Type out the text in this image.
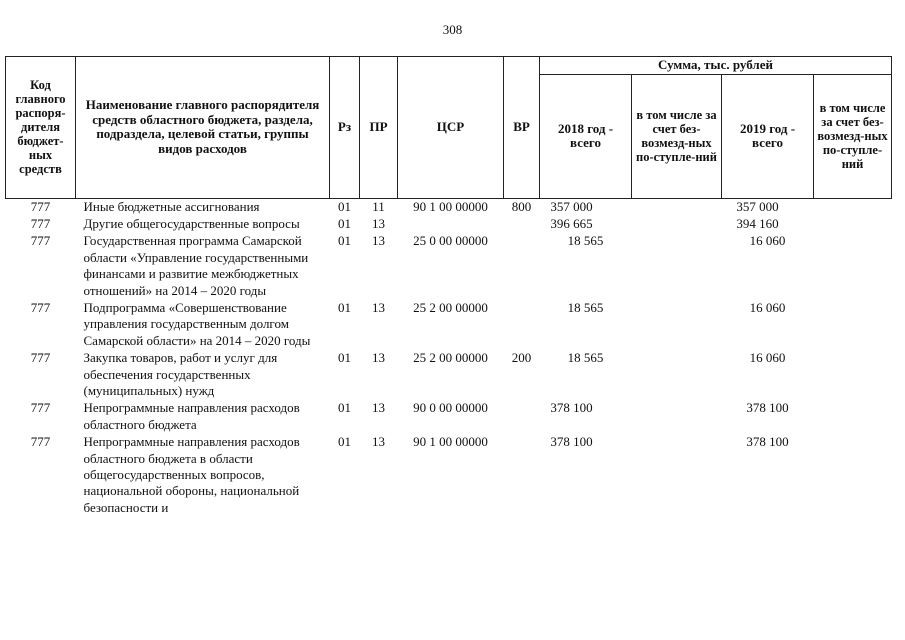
308
Код главного распоря-дителя бюджет-ных средств	Наименование главного распорядителя средств областного бюджета, раздела, подраздела, целевой статьи, группы видов расходов	Рз	ПР	ЦСР	ВР	Сумма, тыс. рублей			
						2018 год - всего	в том числе за счет без-возмезд-ных по-ступле-ний	2019 год - всего	в том числе за счет без-возмезд-ных по-ступле-ний
777	Иные бюджетные ассигнования	01	11	90 1 00 00000	800	357 000		357 000	
777	Другие общегосударственные вопросы	01	13			396 665		394 160	
777	Государственная программа Самарской области «Управление государственными финансами и развитие межбюджетных отношений» на 2014 – 2020 годы	01	13	25 0 00 00000		18 565		16 060	
777	Подпрограмма «Совершенствование управления государственным долгом Самарской области» на 2014 – 2020 годы	01	13	25 2 00 00000		18 565		16 060	
777	Закупка товаров, работ и услуг для обеспечения государственных (муниципальных) нужд	01	13	25 2 00 00000	200	18 565		16 060	
777	Непрограммные направления расходов областного бюджета	01	13	90 0 00 00000		378 100		378 100	
777	Непрограммные направления расходов областного бюджета в области общегосударственных вопросов, национальной обороны, национальной безопасности и	01	13	90 1 00 00000		378 100		378 100	
